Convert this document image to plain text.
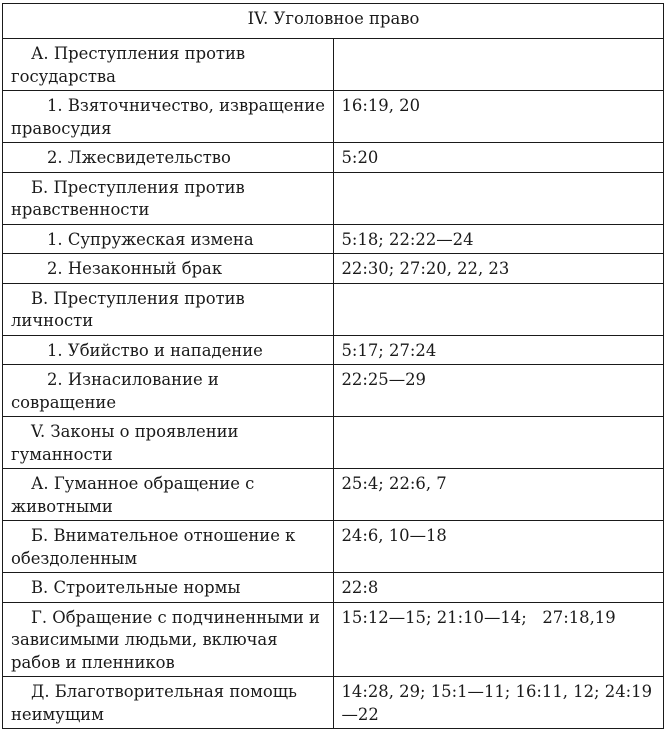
IV. Уголовное право	
А. Преступления против государства	
1. Взяточничество, извращение правосудия	16:19, 20
2. Лжесвидетельство	5:20
Б. Преступления против нравственности	
1. Супружеская измена	5:18; 22:22—24
2. Незаконный брак	22:30; 27:20, 22, 23
В. Преступления против личности	
1. Убийство и нападение	5:17; 27:24
2. Изнасилование и совращение	22:25—29
V. Законы о проявлении гуманности	
А. Гуманное обращение с животными	25:4; 22:6, 7
Б. Внимательное отношение к обездоленным	24:6, 10—18
В. Строительные нормы	22:8
Г. Обращение с подчиненными и зависимыми людьми, включая рабов и пленников	15:12—15; 21:10—14;   27:18,19
Д. Благотворительная помощь неимущим	14:28, 29; 15:1—11; 16:11, 12; 24:19—22
